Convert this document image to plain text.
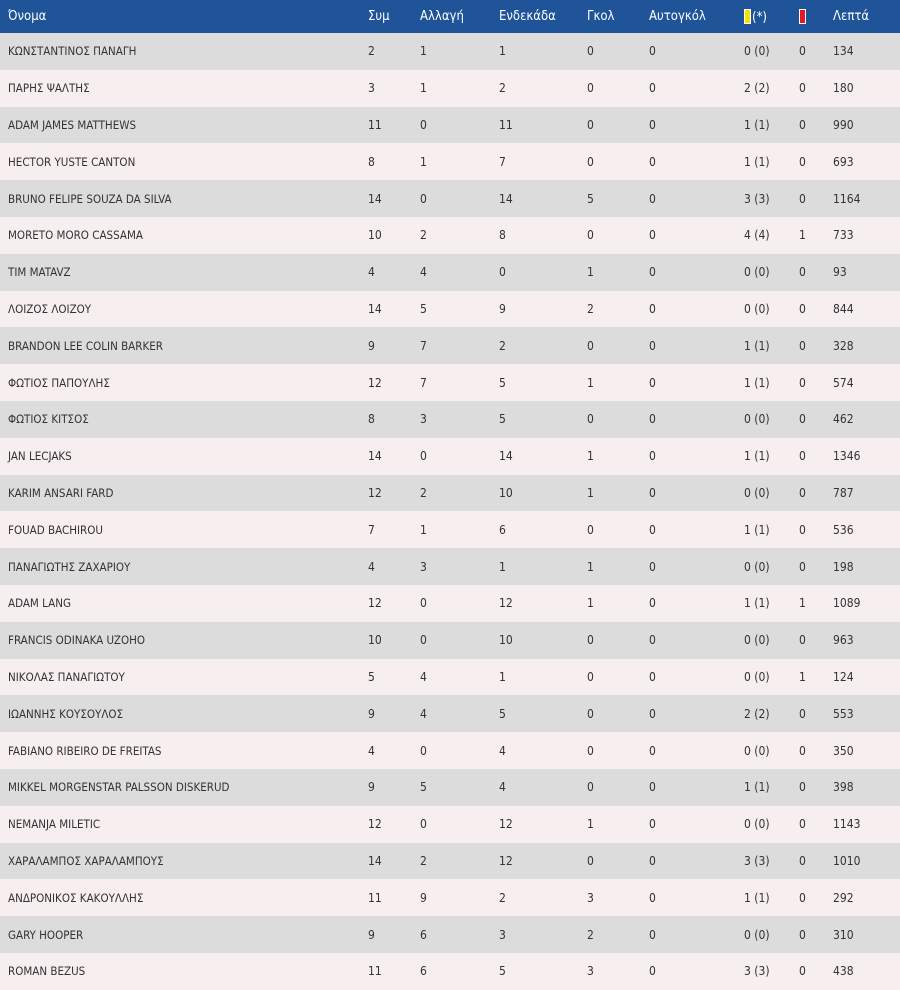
Όνομα	Συμ	Αλλαγή	Ενδεκάδα	Γκολ	Αυτογκόλ	(*)		Λεπτά
ΚΩΝΣΤΑΝΤΙΝΟΣ ΠΑΝΑΓΗ	2	1	1	0	0	0 (0)	0	134
ΠΑΡΗΣ ΨΑΛΤΗΣ	3	1	2	0	0	2 (2)	0	180
ADAM JAMES MATTHEWS	11	0	11	0	0	1 (1)	0	990
HECTOR YUSTE CANTON	8	1	7	0	0	1 (1)	0	693
BRUNO FELIPE SOUZA DA SILVA	14	0	14	5	0	3 (3)	0	1164
MORETO MORO CASSAMA	10	2	8	0	0	4 (4)	1	733
TIM MATAVZ	4	4	0	1	0	0 (0)	0	93
ΛΟΙΖΟΣ ΛΟΙΖΟΥ	14	5	9	2	0	0 (0)	0	844
BRANDON LEE COLIN BARKER	9	7	2	0	0	1 (1)	0	328
ΦΩΤΙΟΣ ΠΑΠΟΥΛΗΣ	12	7	5	1	0	1 (1)	0	574
ΦΩΤΙΟΣ ΚΙΤΣΟΣ	8	3	5	0	0	0 (0)	0	462
JAN LECJAKS	14	0	14	1	0	1 (1)	0	1346
KARIM ANSARI FARD	12	2	10	1	0	0 (0)	0	787
FOUAD BACHIROU	7	1	6	0	0	1 (1)	0	536
ΠΑΝΑΓΙΩΤΗΣ ΖΑΧΑΡΙΟΥ	4	3	1	1	0	0 (0)	0	198
ADAM LANG	12	0	12	1	0	1 (1)	1	1089
FRANCIS ODINAKA UZOHO	10	0	10	0	0	0 (0)	0	963
ΝΙΚΟΛΑΣ ΠΑΝΑΓΙΩΤΟΥ	5	4	1	0	0	0 (0)	1	124
ΙΩΑΝΝΗΣ ΚΟΥΣΟΥΛΟΣ	9	4	5	0	0	2 (2)	0	553
FABIANO RIBEIRO DE FREITAS	4	0	4	0	0	0 (0)	0	350
MIKKEL MORGENSTAR PALSSON DISKERUD	9	5	4	0	0	1 (1)	0	398
NEMANJA MILETIC	12	0	12	1	0	0 (0)	0	1143
ΧΑΡΑΛΑΜΠΟΣ ΧΑΡΑΛΑΜΠΟΥΣ	14	2	12	0	0	3 (3)	0	1010
ΑΝΔΡΟΝΙΚΟΣ ΚΑΚΟΥΛΛΗΣ	11	9	2	3	0	1 (1)	0	292
GARY HOOPER	9	6	3	2	0	0 (0)	0	310
ROMAN BEZUS	11	6	5	3	0	3 (3)	0	438
